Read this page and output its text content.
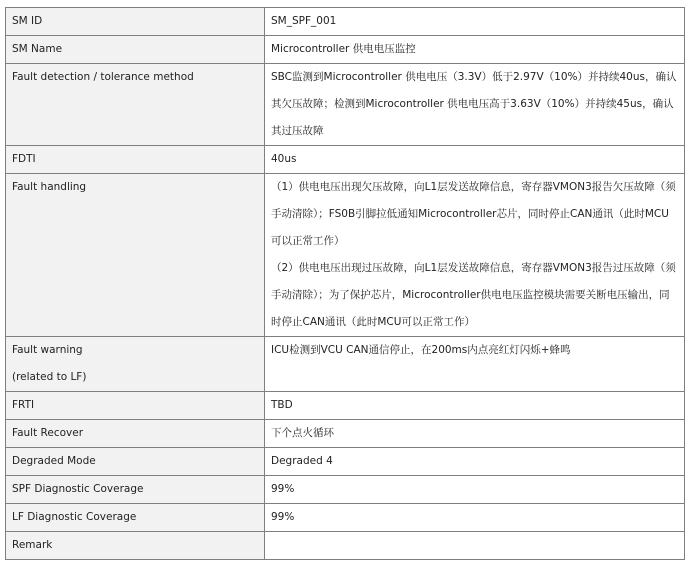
SM ID	SM_SPF_001
SM Name	Microcontroller 供电电压监控
Fault detection / tolerance method	SBC监测到Microcontroller 供电电压（3.3V）低于2.97V（10%）并持续40us，确认其欠压故障；检测到Microcontroller 供电电压高于3.63V（10%）并持续45us，确认其过压故障
FDTI	40us
Fault handling	（1）供电电压出现欠压故障，向L1层发送故障信息，寄存器VMON3报告欠压故障（须手动清除）；FS0B引脚拉低通知Microcontroller芯片，同时停止CAN通讯（此时MCU可以正常工作）
（2）供电电压出现过压故障，向L1层发送故障信息，寄存器VMON3报告过压故障（须手动清除）；为了保护芯片，Microcontroller供电电压监控模块需要关断电压输出，同时停止CAN通讯（此时MCU可以正常工作）

Fault warning
(related to LF)	ICU检测到VCU CAN通信停止，在200ms内点亮红灯闪烁+蜂鸣
FRTI	TBD
Fault Recover	下个点火循环
Degraded Mode	Degraded 4
SPF Diagnostic Coverage	99%
LF Diagnostic Coverage	99%
Remark	
